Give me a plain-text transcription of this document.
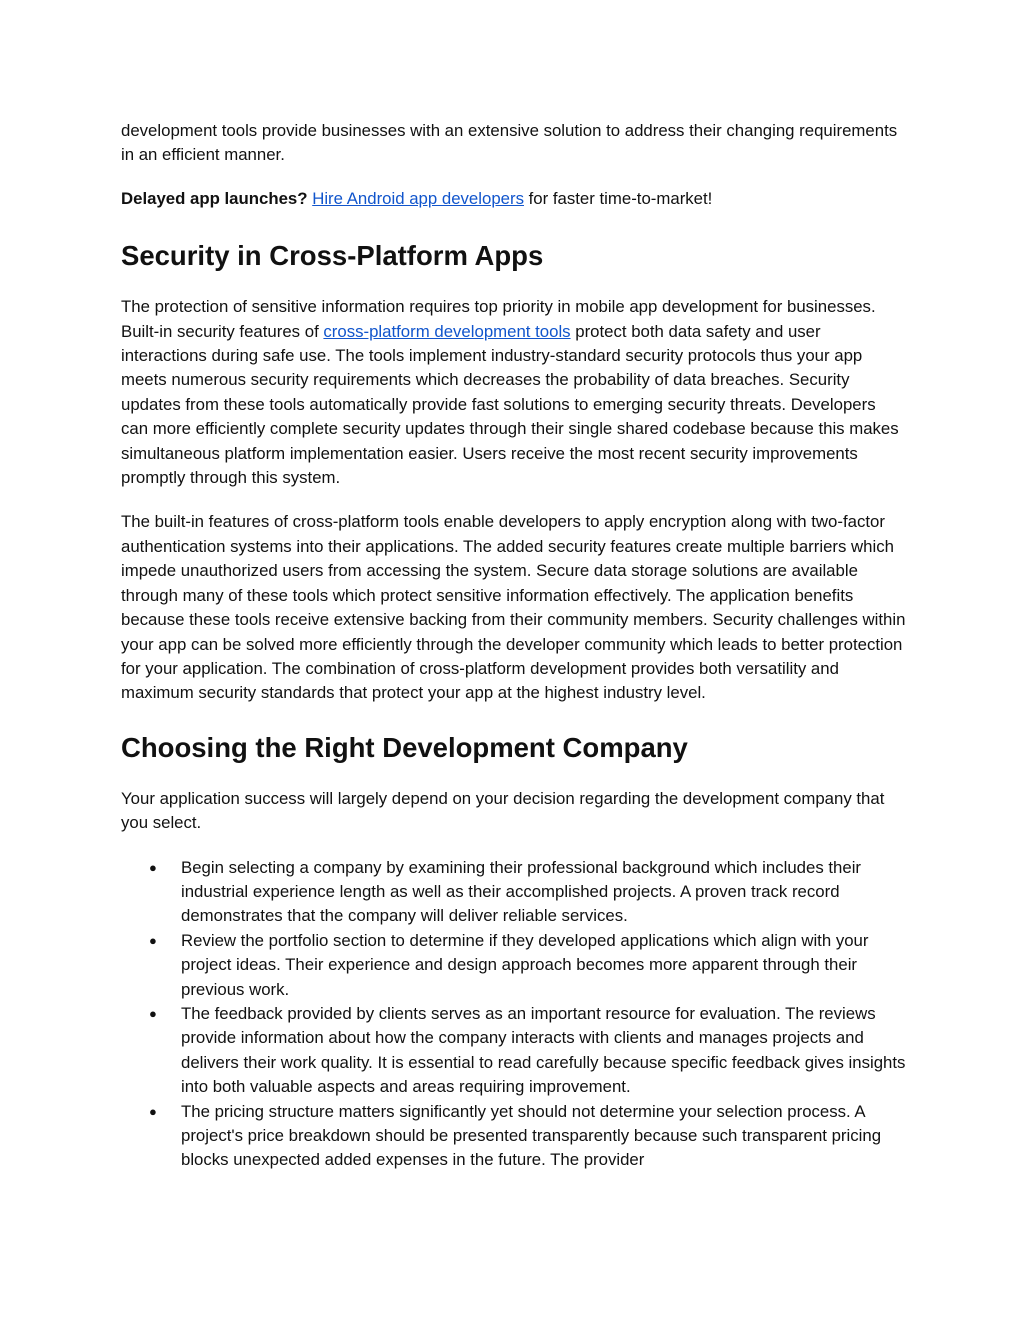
development tools provide businesses with an extensive solution to address their changing requirements in an efficient manner.

Delayed app launches? Hire Android app developers for faster time-to-market!

Security in Cross-Platform Apps

The protection of sensitive information requires top priority in mobile app development for businesses. Built-in security features of cross-platform development tools protect both data safety and user interactions during safe use. The tools implement industry-standard security protocols thus your app meets numerous security requirements which decreases the probability of data breaches. Security updates from these tools automatically provide fast solutions to emerging security threats. Developers can more efficiently complete security updates through their single shared codebase because this makes simultaneous platform implementation easier. Users receive the most recent security improvements promptly through this system.

The built-in features of cross-platform tools enable developers to apply encryption along with two-factor authentication systems into their applications. The added security features create multiple barriers which impede unauthorized users from accessing the system. Secure data storage solutions are available through many of these tools which protect sensitive information effectively. The application benefits because these tools receive extensive backing from their community members. Security challenges within your app can be solved more efficiently through the developer community which leads to better protection for your application. The combination of cross-platform development provides both versatility and maximum security standards that protect your app at the highest industry level.

Choosing the Right Development Company

Your application success will largely depend on your decision regarding the development company that you select.

● Begin selecting a company by examining their professional background which includes their industrial experience length as well as their accomplished projects. A proven track record demonstrates that the company will deliver reliable services.
● Review the portfolio section to determine if they developed applications which align with your project ideas. Their experience and design approach becomes more apparent through their previous work.
● The feedback provided by clients serves as an important resource for evaluation. The reviews provide information about how the company interacts with clients and manages projects and delivers their work quality. It is essential to read carefully because specific feedback gives insights into both valuable aspects and areas requiring improvement.
● The pricing structure matters significantly yet should not determine your selection process. A project's price breakdown should be presented transparently because such transparent pricing blocks unexpected added expenses in the future. The provider
